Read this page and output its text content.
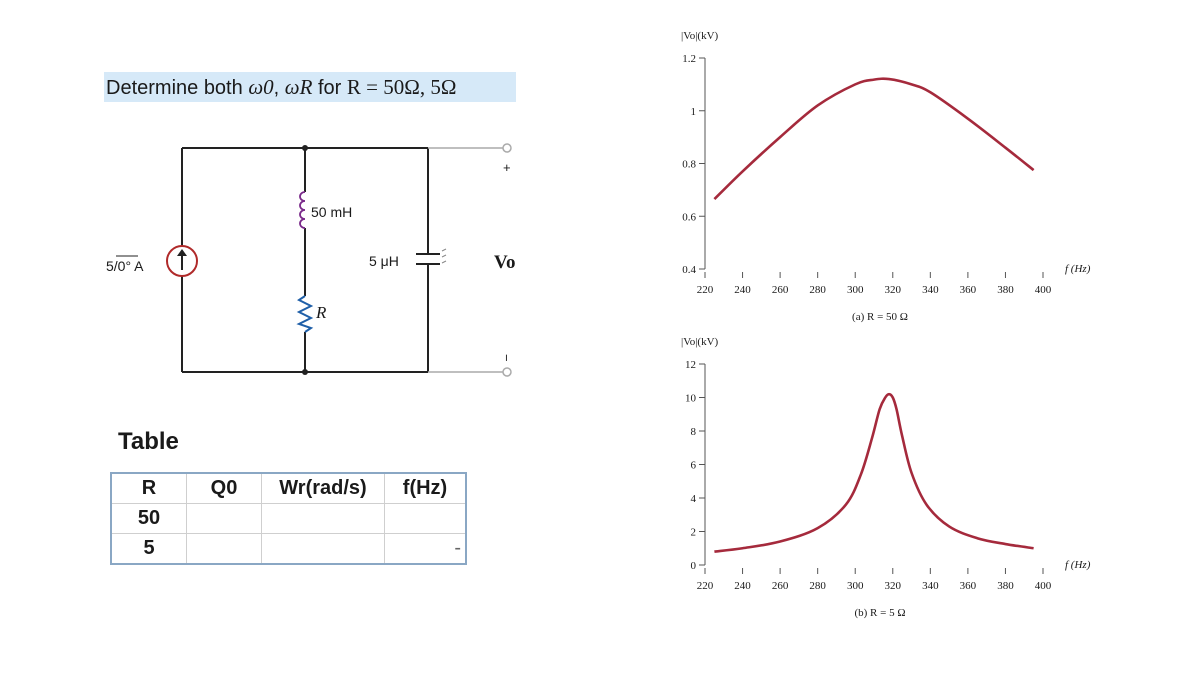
Determine both ω0, ωR for R = 50Ω, 5Ω
5/0° A
50 mH
5 μH
R
Vo
+
−
Table
R	Q0	Wr(rad/s)	f(Hz)
50			
5			-
220 240 260 280 300 320 340 360 380 400
0.4
0.6
0.8
1
1.2
|Vo|(kV)
f (Hz)
(a) R = 50 Ω
220 240 260 280 300 320 340 360 380 400
0
2
4
6
8
10
12
|Vo|(kV)
f (Hz)
(b) R = 5 Ω
